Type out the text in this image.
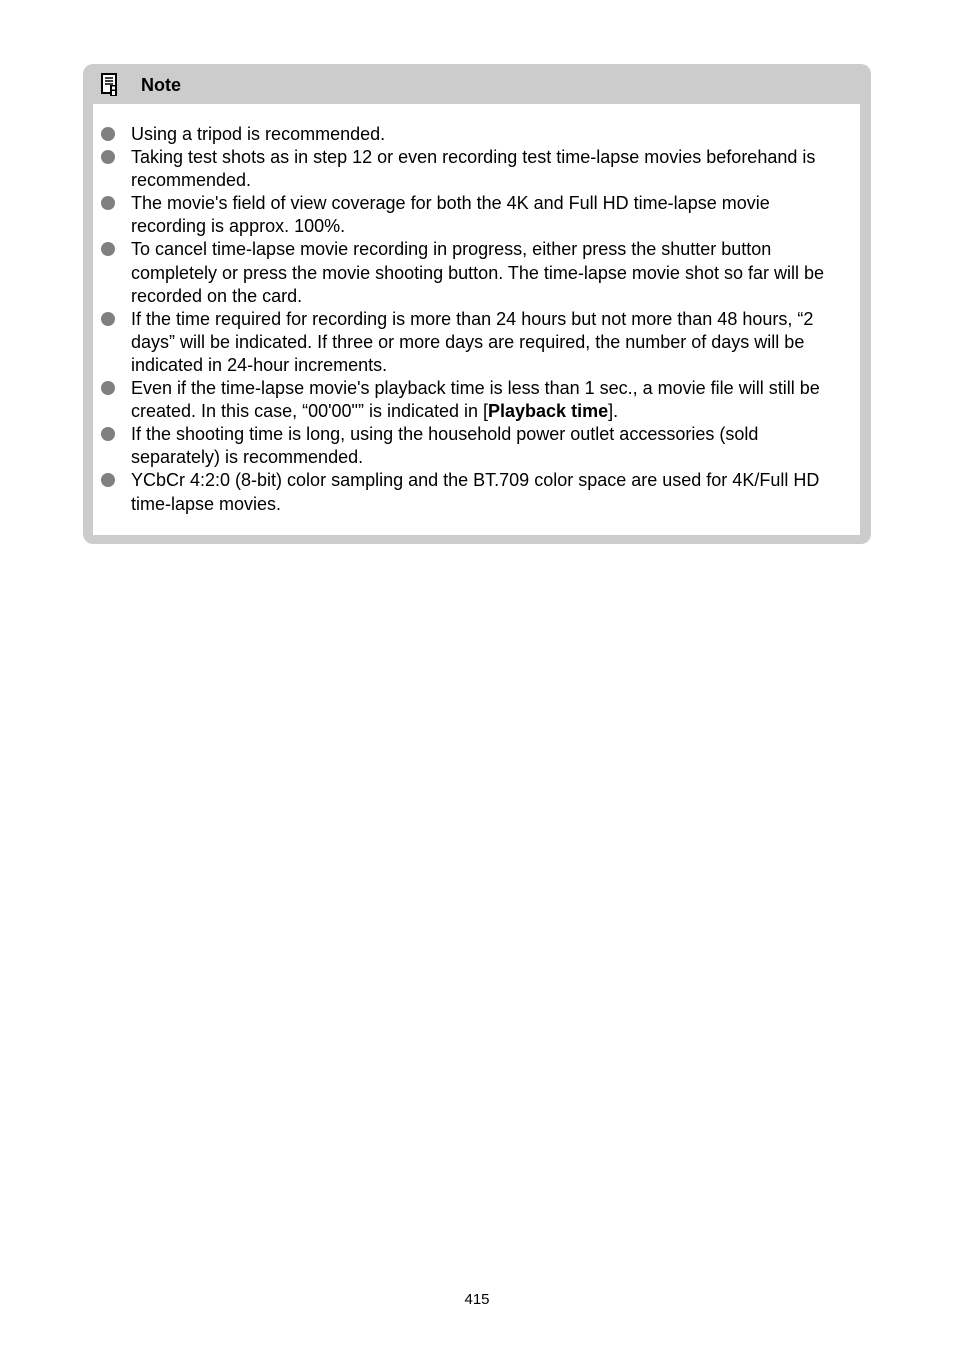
Note
Using a tripod is recommended.
Taking test shots as in step 12 or even recording test time-lapse movies beforehand is recommended.
The movie's field of view coverage for both the 4K and Full HD time-lapse movie recording is approx. 100%.
To cancel time-lapse movie recording in progress, either press the shutter button completely or press the movie shooting button. The time-lapse movie shot so far will be recorded on the card.
If the time required for recording is more than 24 hours but not more than 48 hours, “2 days” will be indicated. If three or more days are required, the number of days will be indicated in 24-hour increments.
Even if the time-lapse movie's playback time is less than 1 sec., a movie file will still be created. In this case, “00'00"” is indicated in [Playback time].
If the shooting time is long, using the household power outlet accessories (sold separately) is recommended.
YCbCr 4:2:0 (8-bit) color sampling and the BT.709 color space are used for 4K/Full HD time-lapse movies.
415
